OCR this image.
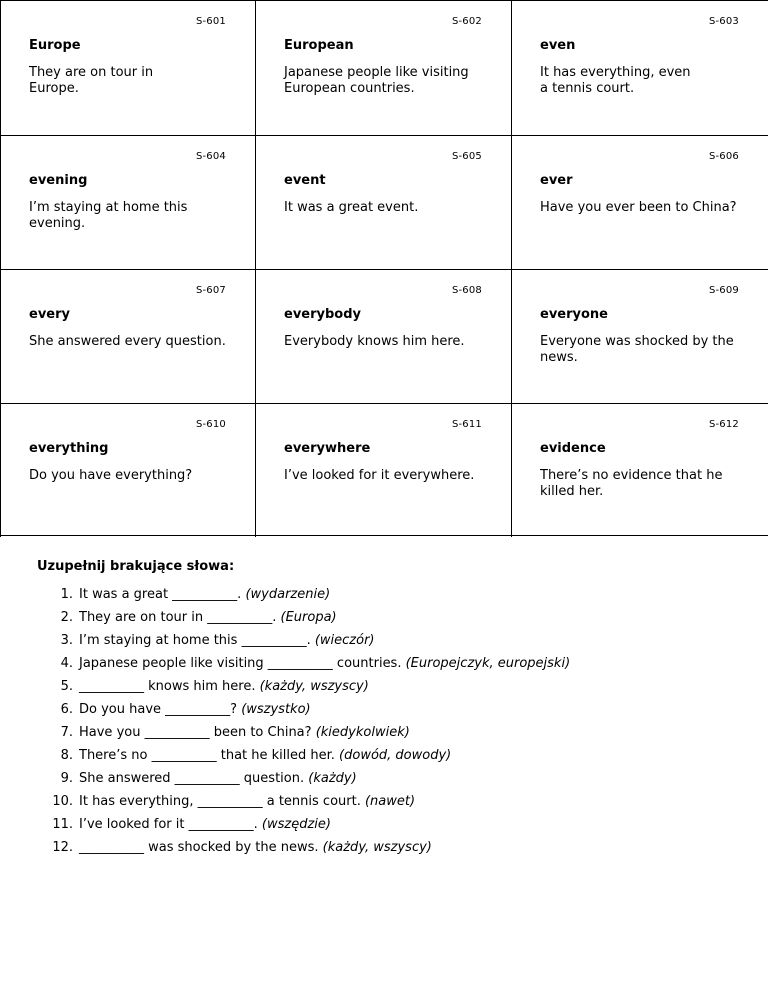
S-601
Europe
They are on tour in Europe.
S-602
European
Japanese people like visiting European countries.
S-603
even
It has everything, even a tennis court.
S-604
evening
I’m staying at home this evening.
S-605
event
It was a great event.
S-606
ever
Have you ever been to China?
S-607
every
She answered every question.
S-608
everybody
Everybody knows him here.
S-609
everyone
Everyone was shocked by the news.
S-610
everything
Do you have everything?
S-611
everywhere
I’ve looked for it everywhere.
S-612
evidence
There’s no evidence that he killed her.
Uzupełnij brakujące słowa:
1. It was a great __________.
(wydarzenie)
2. They are on tour in __________.
(Europa)
3. I’m staying at home this __________.
(wieczór)
4. Japanese people like visiting __________ countries.
(Europejczyk, europejski)
5. __________ knows him here.
(każdy, wszyscy)
6. Do you have __________?
(wszystko)
7. Have you __________ been to China?
(kiedykolwiek)
8. There’s no __________ that he killed her.
(dowód, dowody)
9. She answered __________ question.
(każdy)
10. It has everything, __________ a tennis court.
(nawet)
11. I’ve looked for it __________.
(wszędzie)
12. __________ was shocked by the news.
(każdy, wszyscy)
